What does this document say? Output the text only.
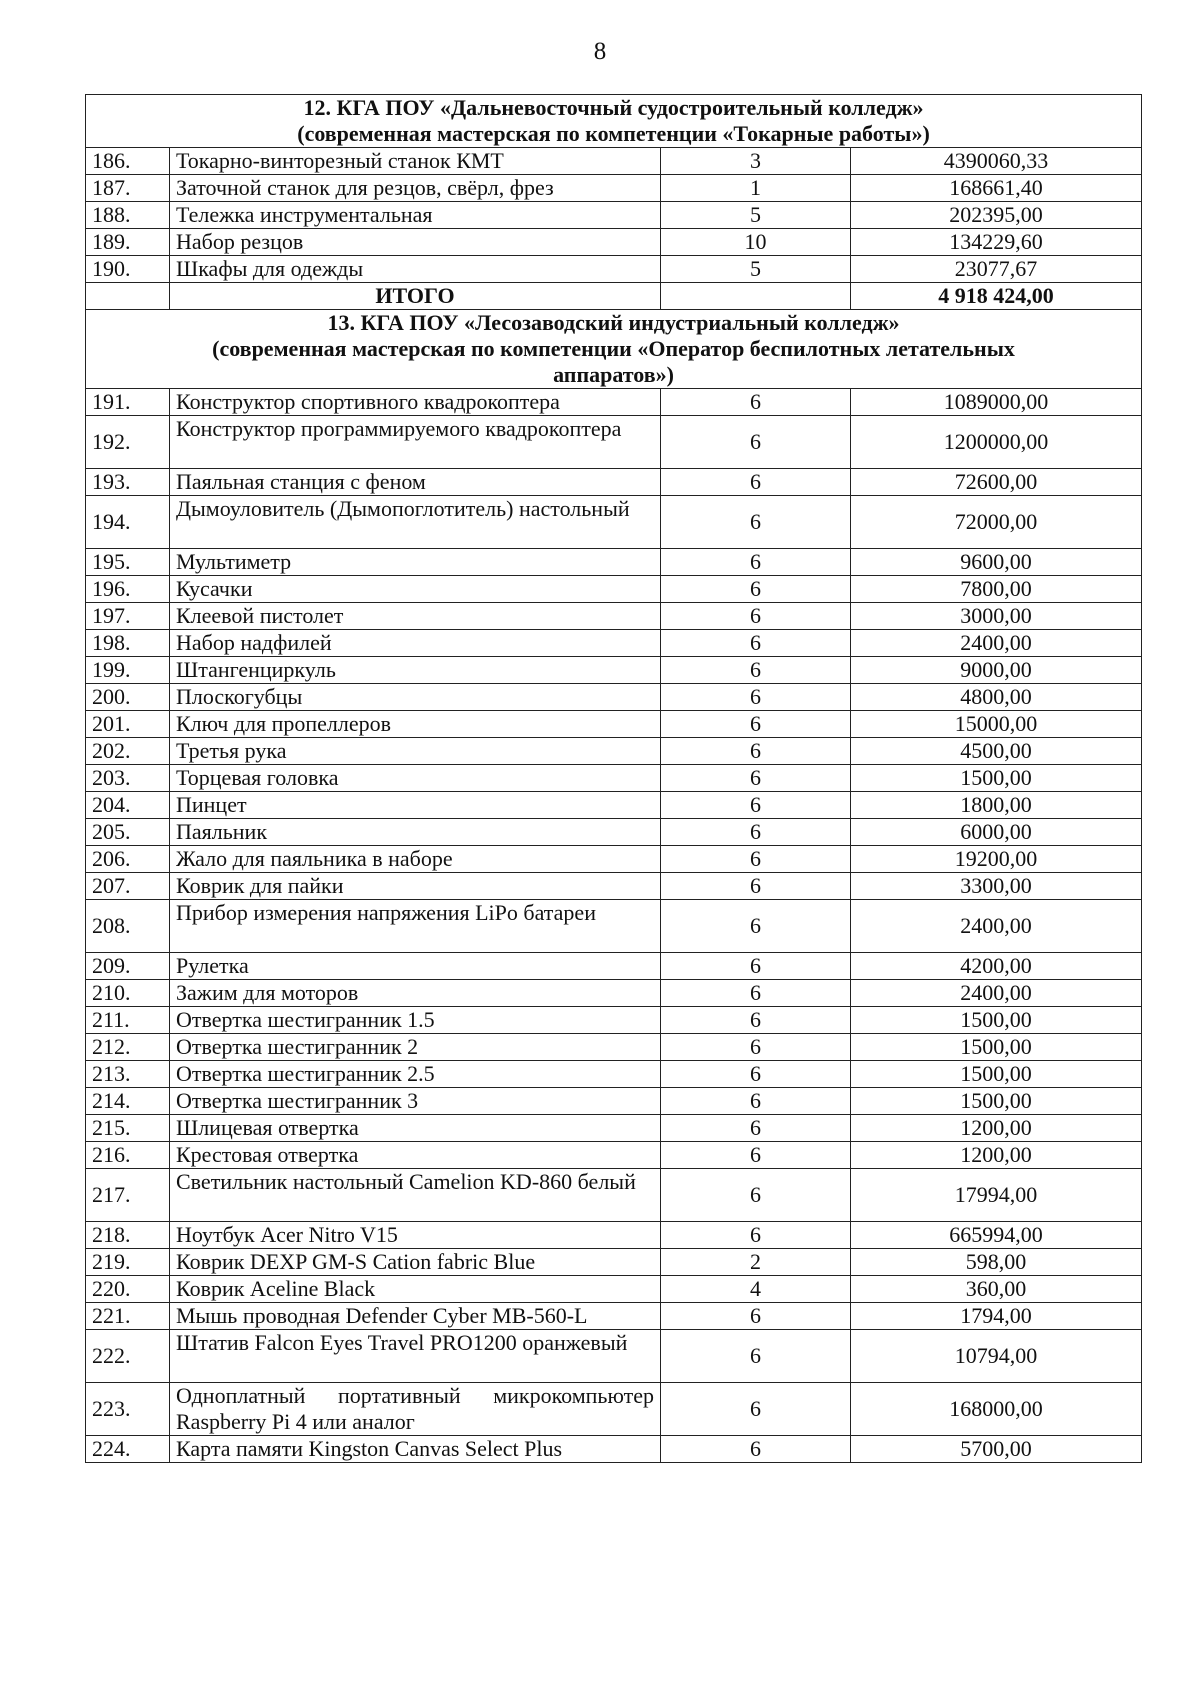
8
12. КГА ПОУ «Дальневосточный судостроительный колледж»
(современная мастерская по компетенции «Токарные работы»)			

186.	Токарно-винторезный станок КМТ	3	4390060,33
187.	Заточной станок для резцов, свёрл, фрез	1	168661,40
188.	Тележка инструментальная	5	202395,00
189.	Набор резцов	10	134229,60
190.	Шкафы для одежды	5	23077,67
	ИТОГО		4 918 424,00

13. КГА ПОУ «Лесозаводский индустриальный колледж»
(современная мастерская по компетенции «Оператор беспилотных летательных аппаратов»)			

191.	Конструктор спортивного квадрокоптера	6	1089000,00
192.	Конструктор программируемого квадрокоптера	6	1200000,00
193.	Паяльная станция с феном	6	72600,00
194.	Дымоуловитель (Дымопоглотитель) настольный	6	72000,00
195.	Мультиметр	6	9600,00
196.	Кусачки	6	7800,00
197.	Клеевой пистолет	6	3000,00
198.	Набор надфилей	6	2400,00
199.	Штангенциркуль	6	9000,00
200.	Плоскогубцы	6	4800,00
201.	Ключ для пропеллеров	6	15000,00
202.	Третья рука	6	4500,00
203.	Торцевая головка	6	1500,00
204.	Пинцет	6	1800,00
205.	Паяльник	6	6000,00
206.	Жало для паяльника в наборе	6	19200,00
207.	Коврик для пайки	6	3300,00
208.	Прибор измерения напряжения LiPo батареи	6	2400,00
209.	Рулетка	6	4200,00
210.	Зажим для моторов	6	2400,00
211.	Отвертка шестигранник 1.5	6	1500,00
212.	Отвертка шестигранник 2	6	1500,00
213.	Отвертка шестигранник 2.5	6	1500,00
214.	Отвертка шестигранник 3	6	1500,00
215.	Шлицевая отвертка	6	1200,00
216.	Крестовая отвертка	6	1200,00
217.	Светильник настольный Camelion KD-860 белый	6	17994,00
218.	Ноутбук Acer Nitro V15	6	665994,00
219.	Коврик DEXP GM-S Cation fabric Blue	2	598,00
220.	Коврик Aceline Black	4	360,00
221.	Мышь проводная Defender Cyber MB-560-L	6	1794,00
222.	Штатив Falcon Eyes Travel PRO1200 оранжевый	6	10794,00
223.	Одноплатный портативный микрокомпьютер Raspberry Pi 4 или аналог	6	168000,00
224.	Карта памяти Kingston Canvas Select Plus	6	5700,00
